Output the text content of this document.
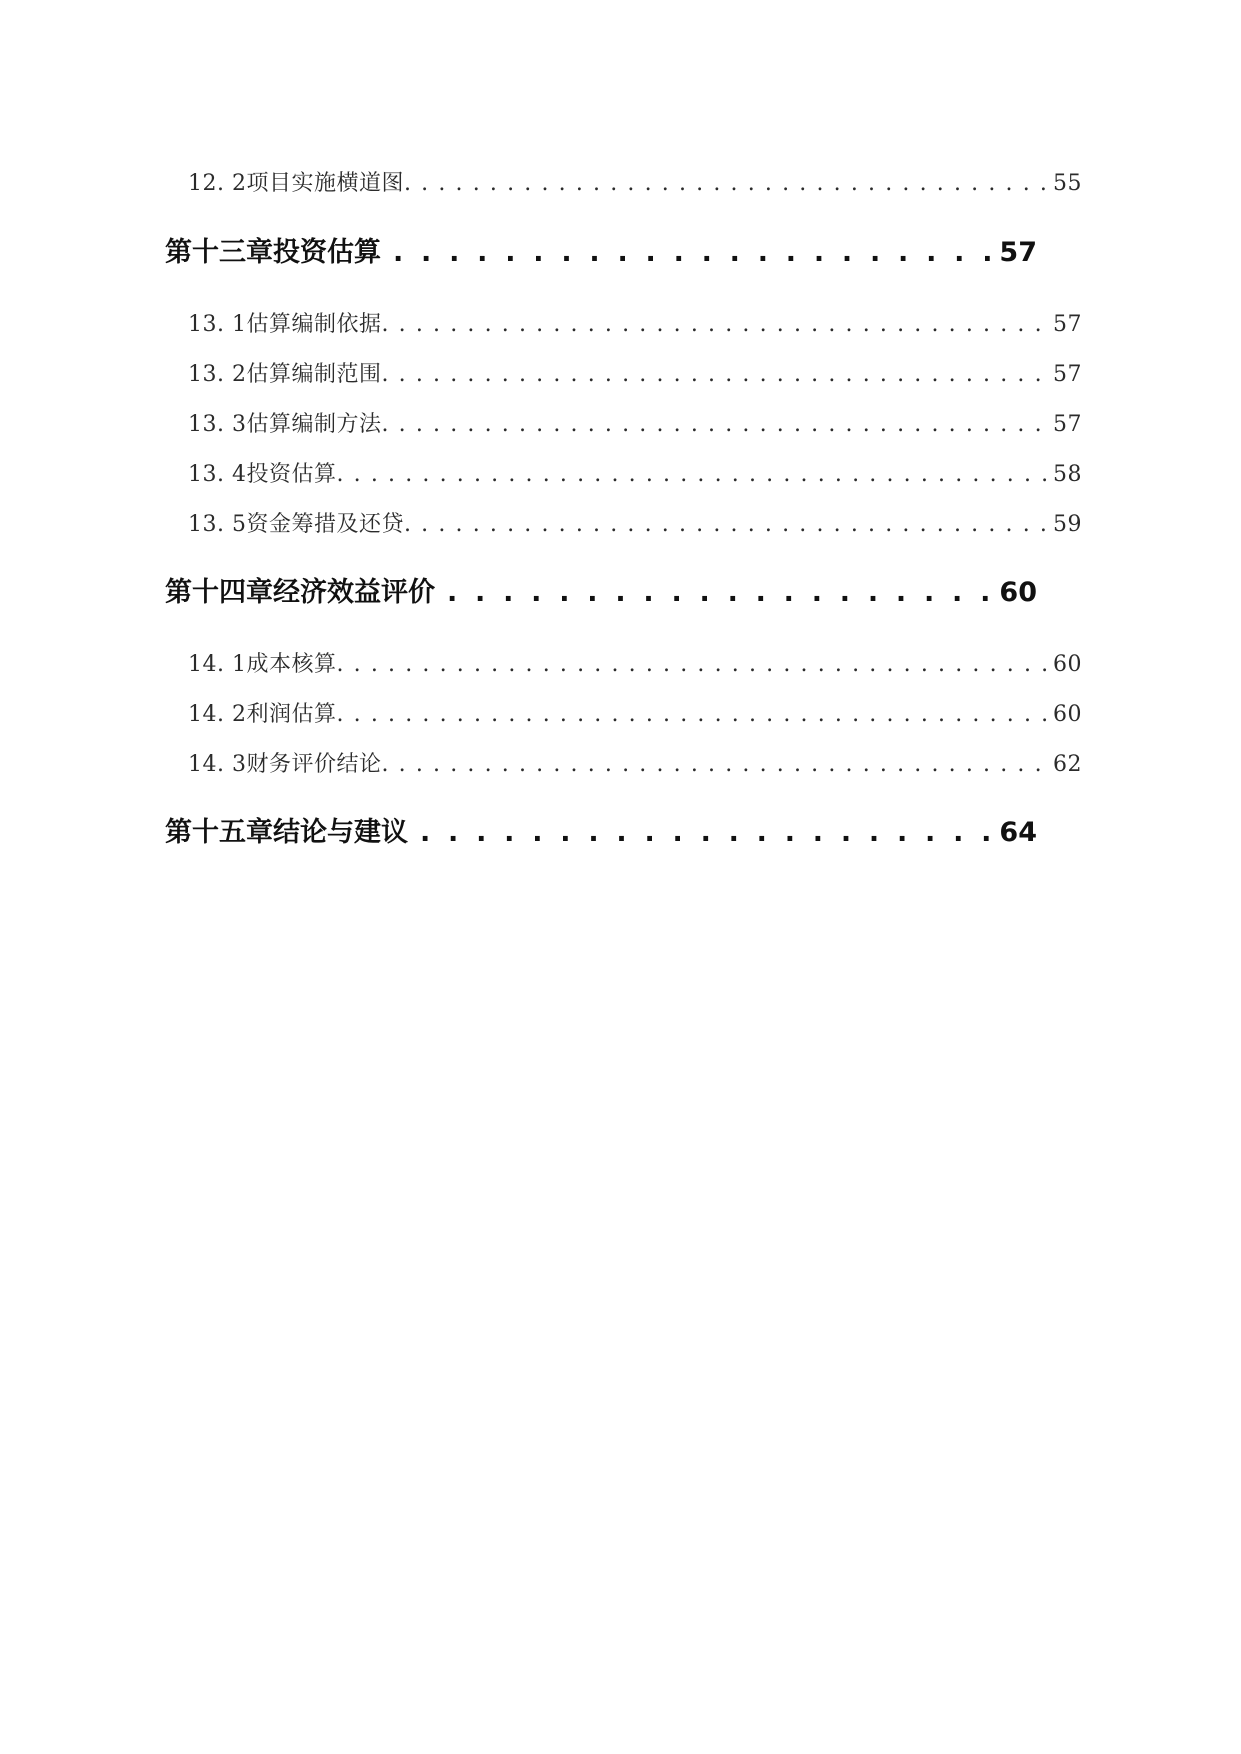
12. 2 项目实施横道图 . . .	55
第十三章 投资估算 . . .	57
13. 1 估算编制依据 . . .	57
13. 2 估算编制范围 . . .	57
13. 3 估算编制方法 . . .	57
13. 4 投资估算 . . .	58
13. 5 资金筹措及还贷 . . .	59
第十四章 经济效益评价 . . .	60
14. 1 成本核算 . . .	60
14. 2 利润估算 . . .	60
14. 3 财务评价结论 . . .	62
第十五章 结论与建议 . . .	64
